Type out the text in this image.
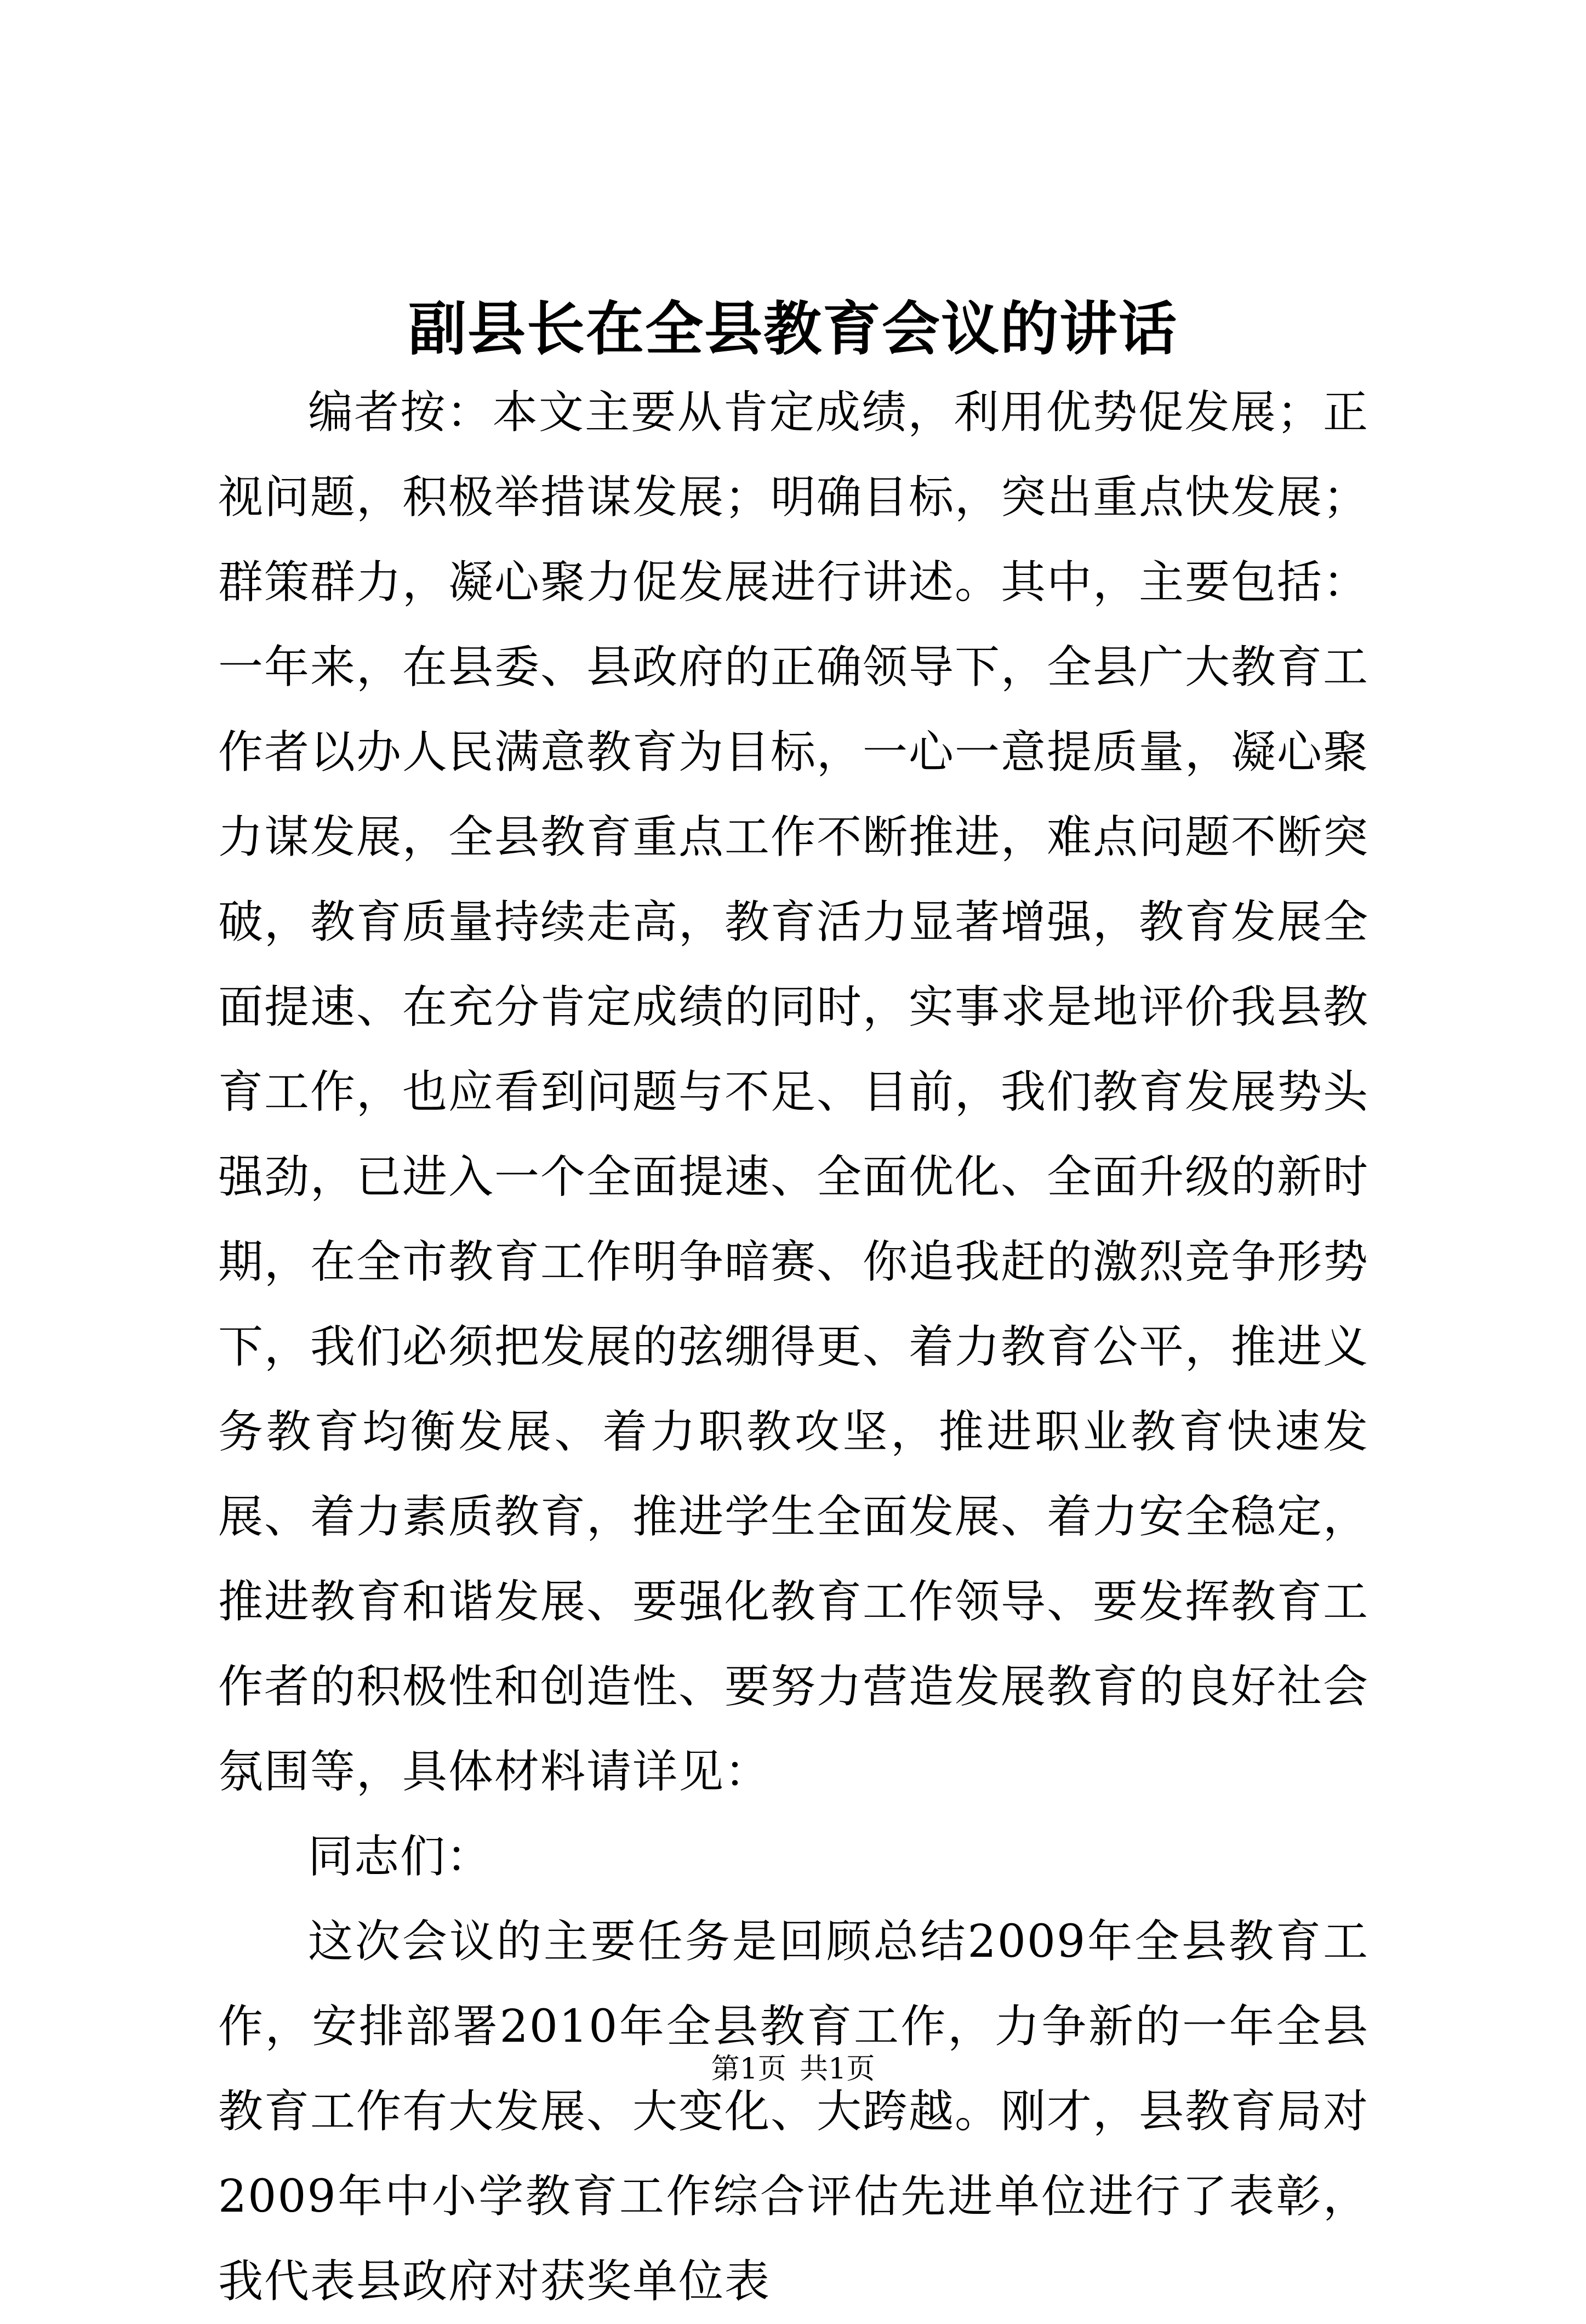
副县长在全县教育会议的讲话

编者按：本文主要从肯定成绩，利用优势促发展；正视问题，积极举措谋发展；明确目标，突出重点快发展；群策群力，凝心聚力促发展进行讲述。其中，主要包括：一年来，在县委、县政府的正确领导下，全县广大教育工作者以办人民满意教育为目标，一心一意提质量，凝心聚力谋发展，全县教育重点工作不断推进，难点问题不断突破，教育质量持续走高，教育活力显著增强，教育发展全面提速、在充分肯定成绩的同时，实事求是地评价我县教育工作，也应看到问题与不足、目前，我们教育发展势头强劲，已进入一个全面提速、全面优化、全面升级的新时期，在全市教育工作明争暗赛、你追我赶的激烈竞争形势下，我们必须把发展的弦绷得更、着力教育公平，推进义务教育均衡发展、着力职教攻坚，推进职业教育快速发展、着力素质教育，推进学生全面发展、着力安全稳定，推进教育和谐发展、要强化教育工作领导、要发挥教育工作者的积极性和创造性、要努力营造发展教育的良好社会氛围等，具体材料请详见：

同志们：

这次会议的主要任务是回顾总结2009年全县教育工作，安排部署2010年全县教育工作，力争新的一年全县教育工作有大发展、大变化、大跨越。刚才，县教育局对2009年中小学教育工作综合评估先进单位进行了表彰，我代表县政府对获奖单位表

第1页 共1页
